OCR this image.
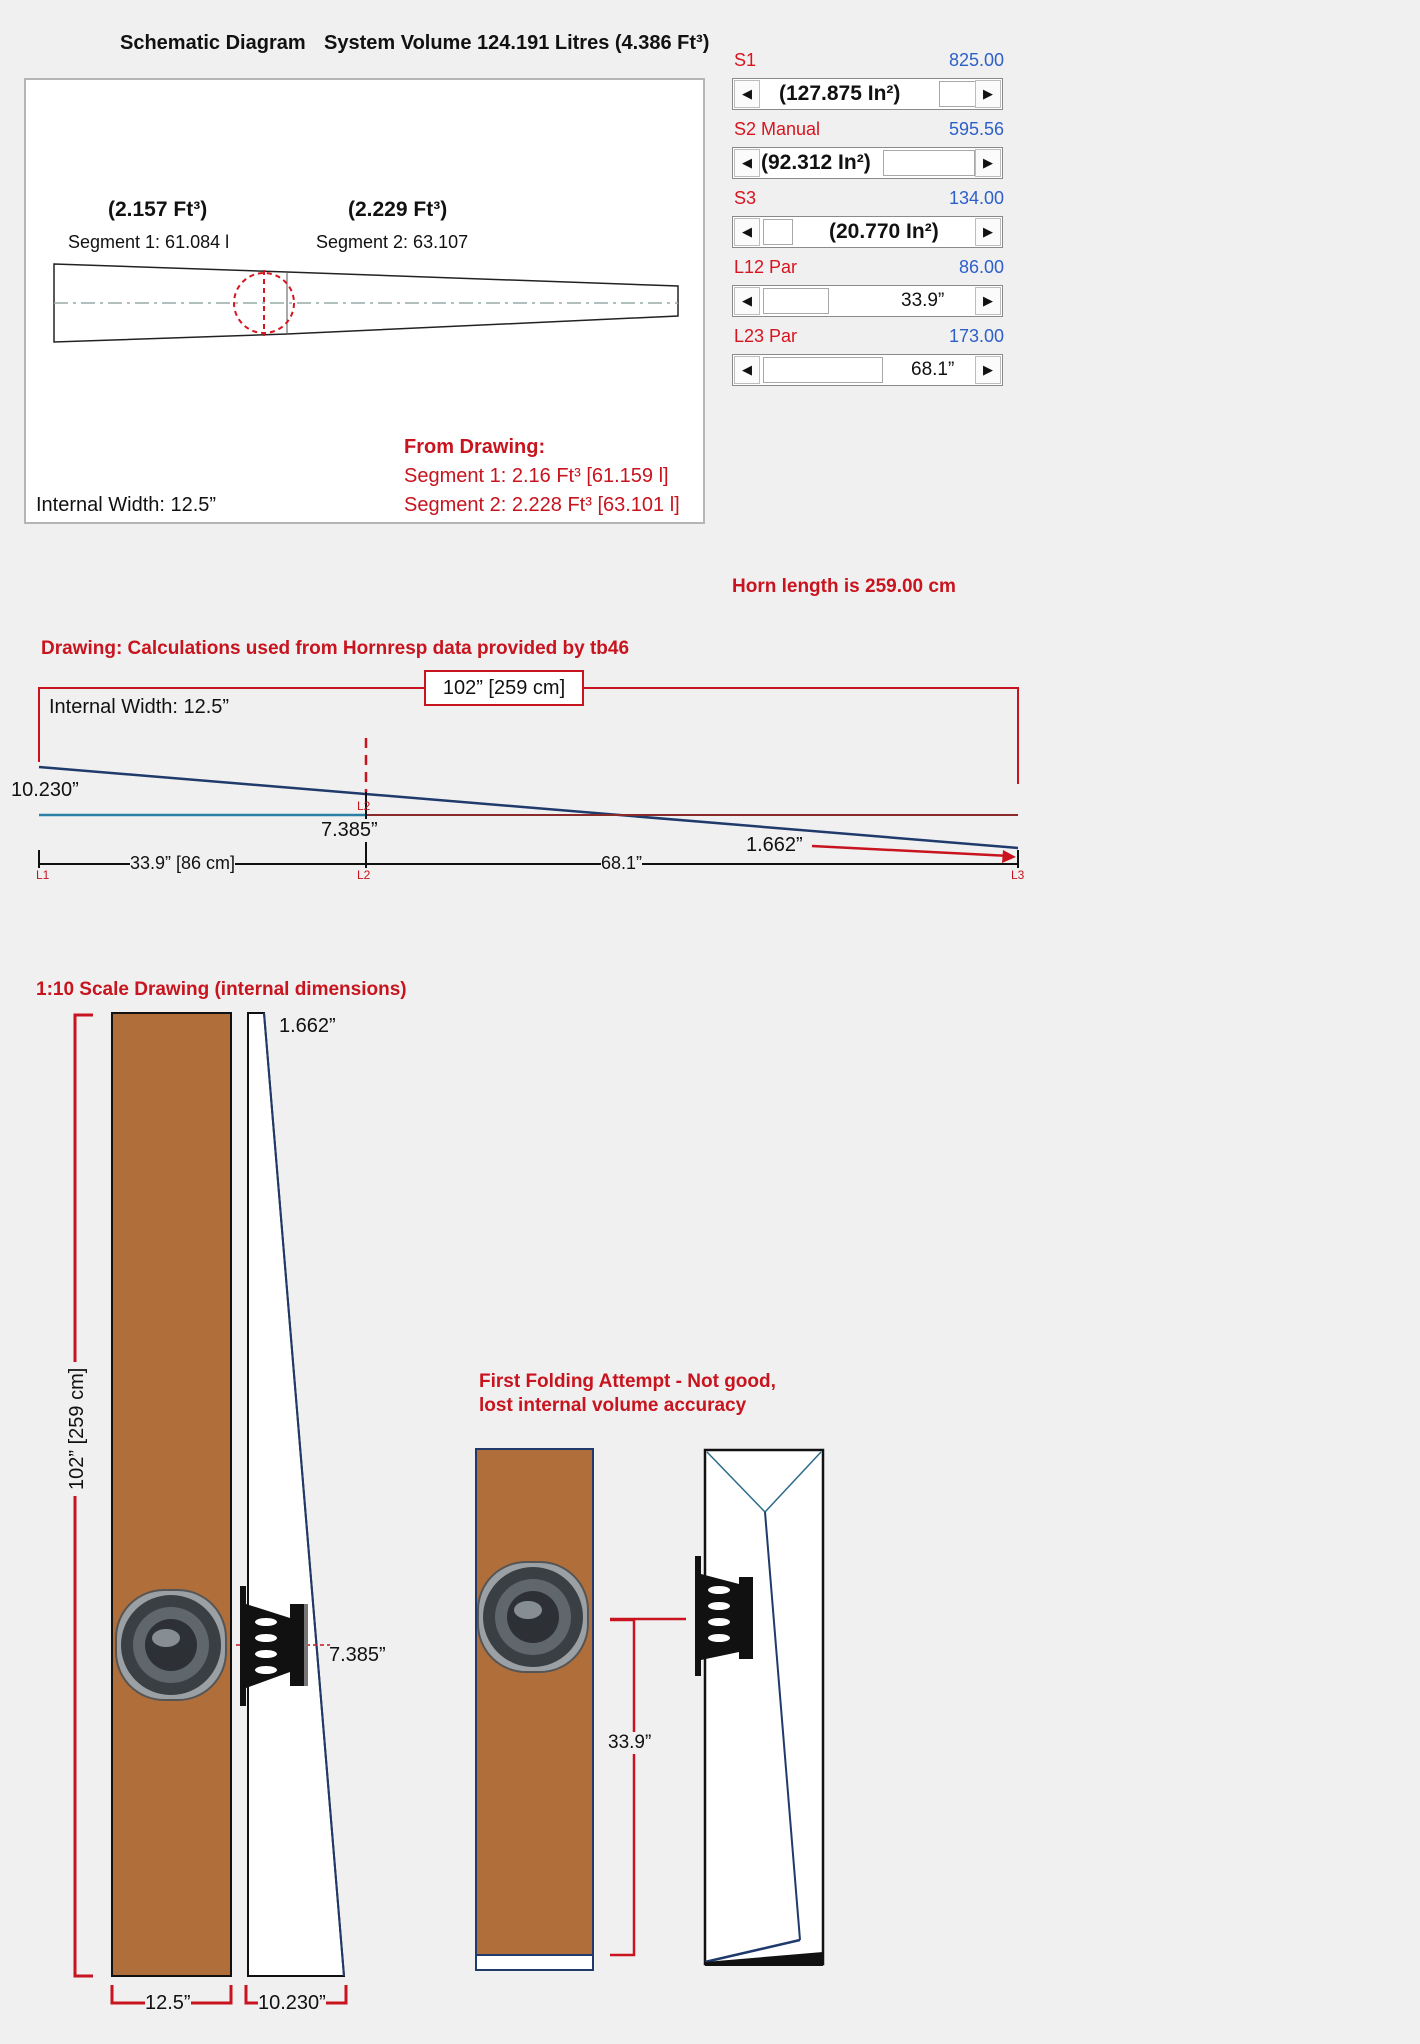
Schematic Diagram System Volume 124.191 Litres (4.386 Ft³)
(2.157 Ft³)
Segment 1: 61.084 l
(2.229 Ft³)
Segment 2: 63.107
From Drawing:
Segment 1: 2.16 Ft³ [61.159 l]
Segment 2: 2.228 Ft³ [63.101 l]
Internal Width: 12.5”
S1	825.00
◀	(127.875 In²)	▶
S2 Manual	595.56
◀ (92.312 In²)	▶
S3	134.00
◀	(20.770 In²)	▶
L12 Par	86.00
◀	33.9”	▶
L23 Par	173.00
◀	68.1”	▶
Horn length is 259.00 cm
Drawing: Calculations used from Hornresp data provided by tb46
102” [259 cm]
Internal Width: 12.5”
10.230”
7.385”
1.662”
33.9” [86 cm]	68.1”
L1
L2
L2	L3
1:10 Scale Drawing (internal dimensions)
1.662”
102” [259 cm]
7.385”
12.5”	10.230”
First Folding Attempt - Not good,
lost internal volume accuracy
33.9”
